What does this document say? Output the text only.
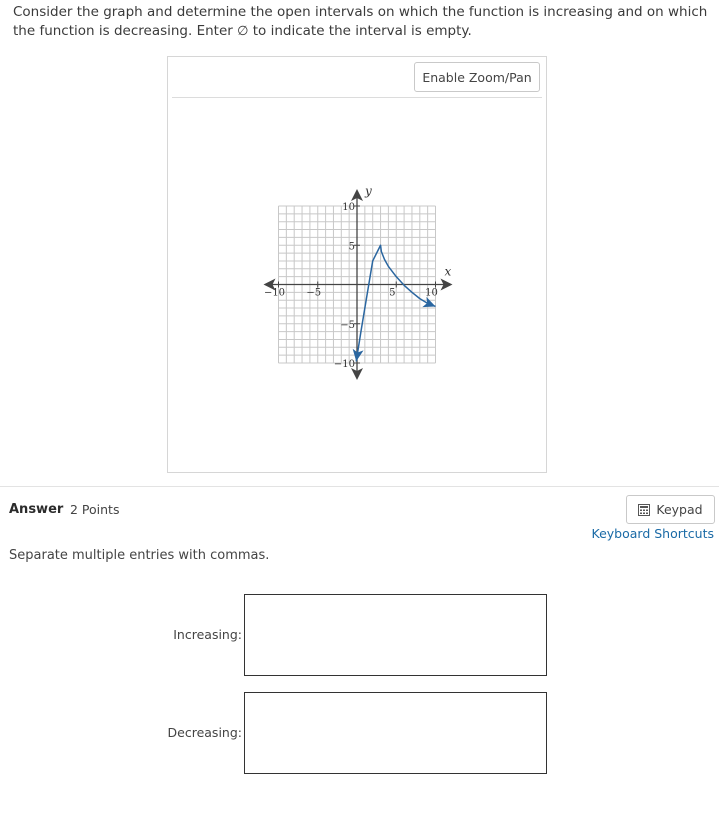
Consider the graph and determine the open intervals on which the function is increasing and on which the function is decreasing. Enter ∅ to indicate the interval is empty.
Enable Zoom/Pan
x
y
−10 −5	5	10
10
5
−5
−10
Answer 2 Points	Keypad
Keyboard Shortcuts
Separate multiple entries with commas.
Increasing:
Decreasing:
